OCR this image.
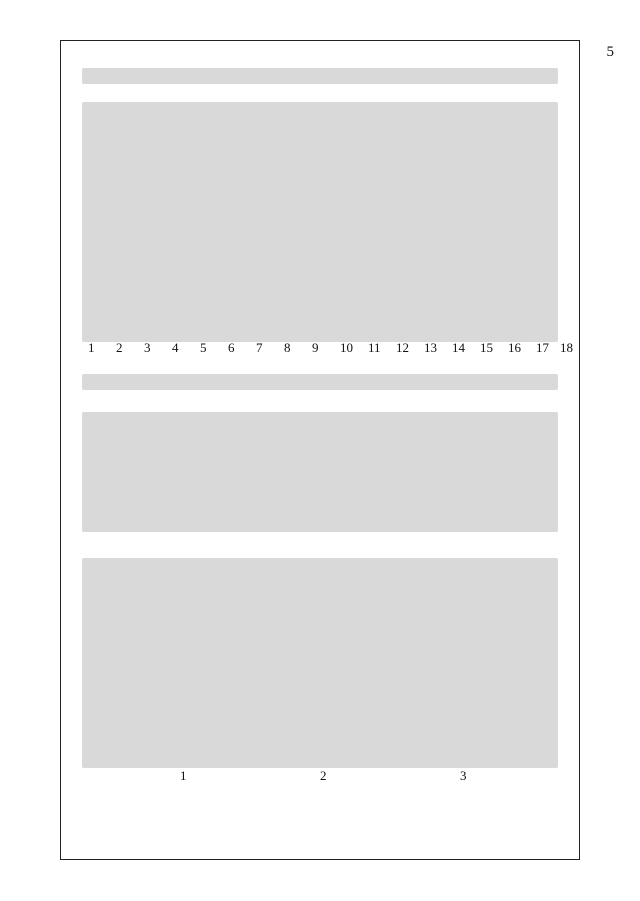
5
1 2 3 4 5 6 7 8 9 10 11 12 13 14 15 16 17 18
1	2	3
